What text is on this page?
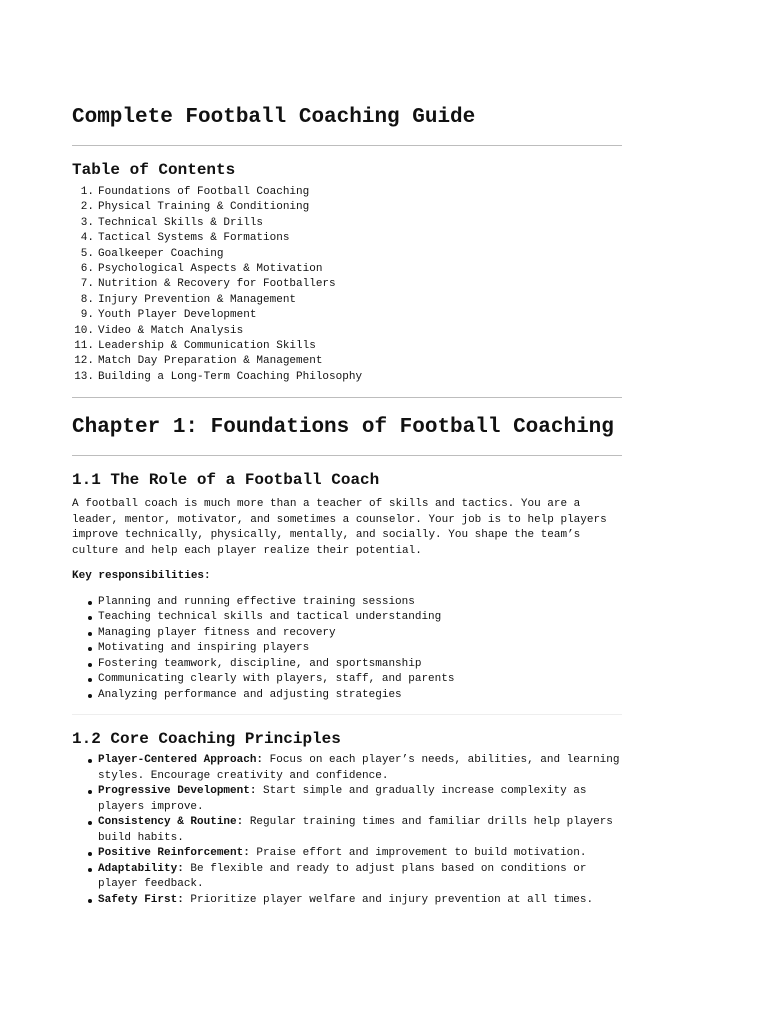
Complete Football Coaching Guide
Table of Contents
1. Foundations of Football Coaching
2. Physical Training & Conditioning
3. Technical Skills & Drills
4. Tactical Systems & Formations
5. Goalkeeper Coaching
6. Psychological Aspects & Motivation
7. Nutrition & Recovery for Footballers
8. Injury Prevention & Management
9. Youth Player Development
10. Video & Match Analysis
11. Leadership & Communication Skills
12. Match Day Preparation & Management
13. Building a Long-Term Coaching Philosophy
Chapter 1: Foundations of Football Coaching
1.1 The Role of a Football Coach

A football coach is much more than a teacher of skills and tactics. You are a leader, mentor, motivator, and sometimes a counselor. Your job is to help players improve technically, physically, mentally, and socially. You shape the team’s culture and help each player realize their potential.

Key responsibilities:

Planning and running effective training sessions
Teaching technical skills and tactical understanding
Managing player fitness and recovery
Motivating and inspiring players
Fostering teamwork, discipline, and sportsmanship
Communicating clearly with players, staff, and parents
Analyzing performance and adjusting strategies
1.2 Core Coaching Principles
Player-Centered Approach: Focus on each player’s needs, abilities, and learning styles. Encourage creativity and confidence.
Progressive Development: Start simple and gradually increase complexity as players improve.
Consistency & Routine: Regular training times and familiar drills help players build habits.
Positive Reinforcement: Praise effort and improvement to build motivation.
Adaptability: Be flexible and ready to adjust plans based on conditions or player feedback.
Safety First: Prioritize player welfare and injury prevention at all times.
